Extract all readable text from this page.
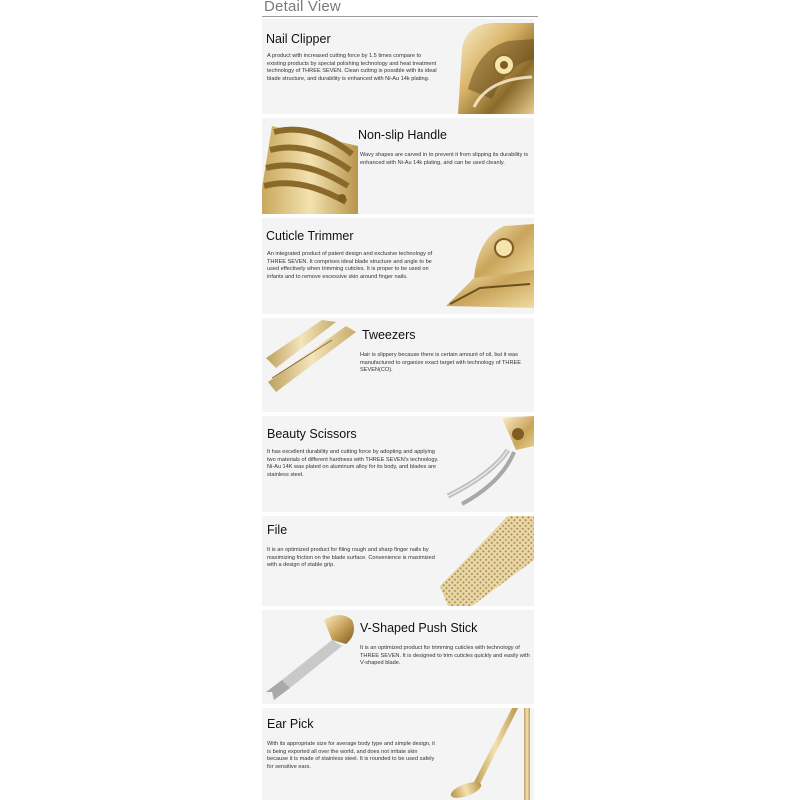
Detail View
Nail Clipper
A product with increased cutting force by 1.5 times compare to existing products by special polishing technology and heat treatment technology of THREE SEVEN. Clean cutting is possible with its ideal blade structure, and durability is enhanced with Ni-Au 14k plating.
Non-slip Handle
Wavy shapes are carved in to prevent it from slipping its durability is enhanced with Ni-Au 14k plating, and can be used cleanly.
Cuticle Trimmer
An integrated product of patent design and exclusive technology of THREE SEVEN. It comprises ideal blade structure and angle to be used effectively when trimming cuticles. It is proper to be used on infants and to remove excessive skin around finger nails.
Tweezers
Hair is slippery because there is certain amount of oil, but it was manufactured to organize exact target with technology of THREE SEVEN(CO).
Beauty Scissors
It has excellent durability and cutting force by adopting and applying two materials of different hardness with THREE SEVEN's technology. Ni-Au 14K was plated on aluminum alloy for its body, and blades are stainless steel.
File
It is an optimized product for filing rough and sharp finger nails by maximizing friction on the blade surface. Convenience is maximized with a design of stable grip.
V-Shaped Push Stick
It is an optimized product for trimming cuticles with technology of THREE SEVEN. It is designed to trim cuticles quickly and easily with V-shaped blade.
Ear Pick
With its appropriate size for average body type and simple design, it is being exported all over the world, and does not irritate skin because it is made of stainless steel. It is rounded to be used safely for sensitive ears.
